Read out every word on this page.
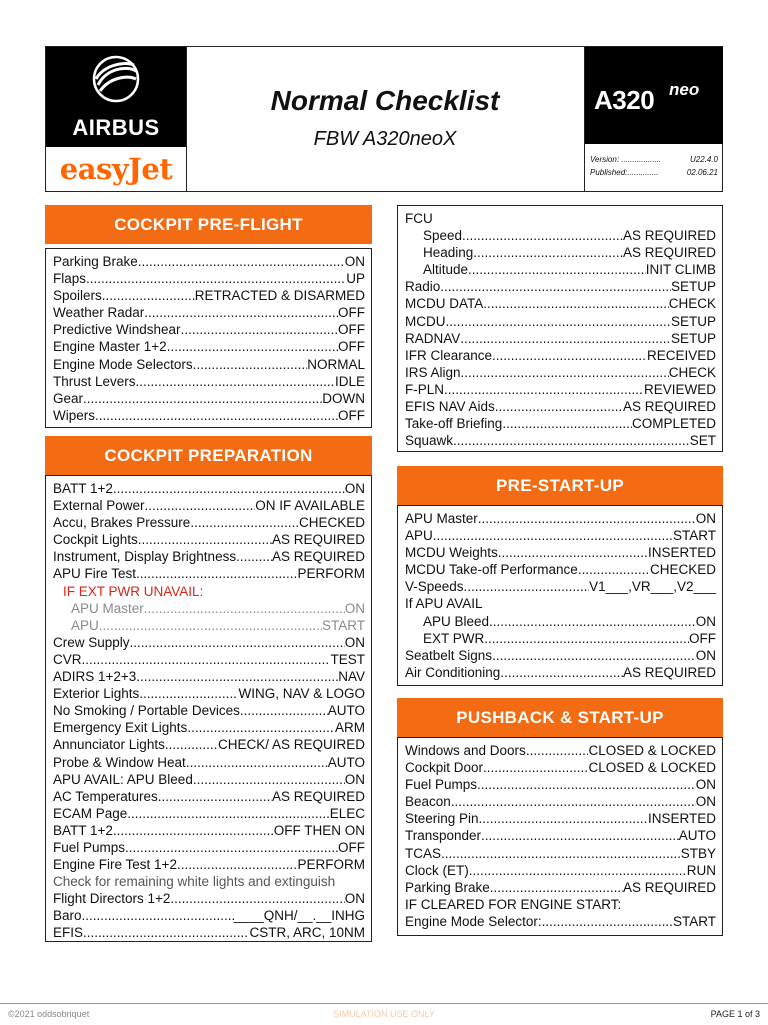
AIRBUS
easyJet
Normal Checklist
FBW A320neoX
A320 neo
Version: ..................	U22.4.0
Published:..............	02.06.21
COCKPIT PRE-FLIGHT
Parking Brake .....	ON
Flaps .....	UP
Spoilers .....	RETRACTED & DISARMED
Weather Radar .....	OFF
Predictive Windshear .....	OFF
Engine Master 1+2 .....	OFF
Engine Mode Selectors .....	NORMAL
Thrust Levers .....	IDLE
Gear .....	DOWN
Wipers .....	OFF
COCKPIT PREPARATION
BATT 1+2 .....	ON
External Power .....	ON IF AVAILABLE
Accu, Brakes Pressure .....	CHECKED
Cockpit Lights .....	AS REQUIRED
Instrument, Display Brightness .....	AS REQUIRED
APU Fire Test .....	PERFORM
IF EXT PWR UNAVAIL:
APU Master .....	ON
APU .....	START
Crew Supply .....	ON
CVR .....	TEST
ADIRS 1+2+3 .....	NAV
Exterior Lights .....	WING, NAV & LOGO
No Smoking / Portable Devices .....	AUTO
Emergency Exit Lights .....	ARM
Annunciator Lights .....	CHECK/ AS REQUIRED
Probe & Window Heat .....	AUTO
APU AVAIL: APU Bleed .....	ON
AC Temperatures .....	AS REQUIRED
ECAM Page .....	ELEC
BATT 1+2 .....	OFF THEN ON
Fuel Pumps .....	OFF
Engine Fire Test 1+2 .....	PERFORM
Check for remaining white lights and extinguish
Flight Directors 1+2 .....	ON
Baro .....	____QNH/__.__INHG
EFIS .....	CSTR, ARC, 10NM
FCU
Speed .....	AS REQUIRED
Heading .....	AS REQUIRED
Altitude .....	INIT CLIMB
Radio .....	SETUP
MCDU DATA .....	CHECK
MCDU .....	SETUP
RADNAV .....	SETUP
IFR Clearance .....	RECEIVED
IRS Align .....	CHECK
F-PLN .....	REVIEWED
EFIS NAV Aids .....	AS REQUIRED
Take-off Briefing .....	COMPLETED
Squawk .....	SET
PRE-START-UP
APU Master .....	ON
APU .....	START
MCDU Weights .....	INSERTED
MCDU Take-off Performance .....	CHECKED
V-Speeds .....	V1___,VR___,V2___
If APU AVAIL
APU Bleed .....	ON
EXT PWR .....	OFF
Seatbelt Signs .....	ON
Air Conditioning .....	AS REQUIRED
PUSHBACK & START-UP
Windows and Doors .....	CLOSED & LOCKED
Cockpit Door .....	CLOSED & LOCKED
Fuel Pumps .....	ON
Beacon .....	ON
Steering Pin .....	INSERTED
Transponder .....	AUTO
TCAS .....	STBY
Clock (ET) .....	RUN
Parking Brake .....	AS REQUIRED
IF CLEARED FOR ENGINE START:
Engine Mode Selector: .....	START
©2021 oddsobriquet	SIMULATION USE ONLY	PAGE 1 of 3
